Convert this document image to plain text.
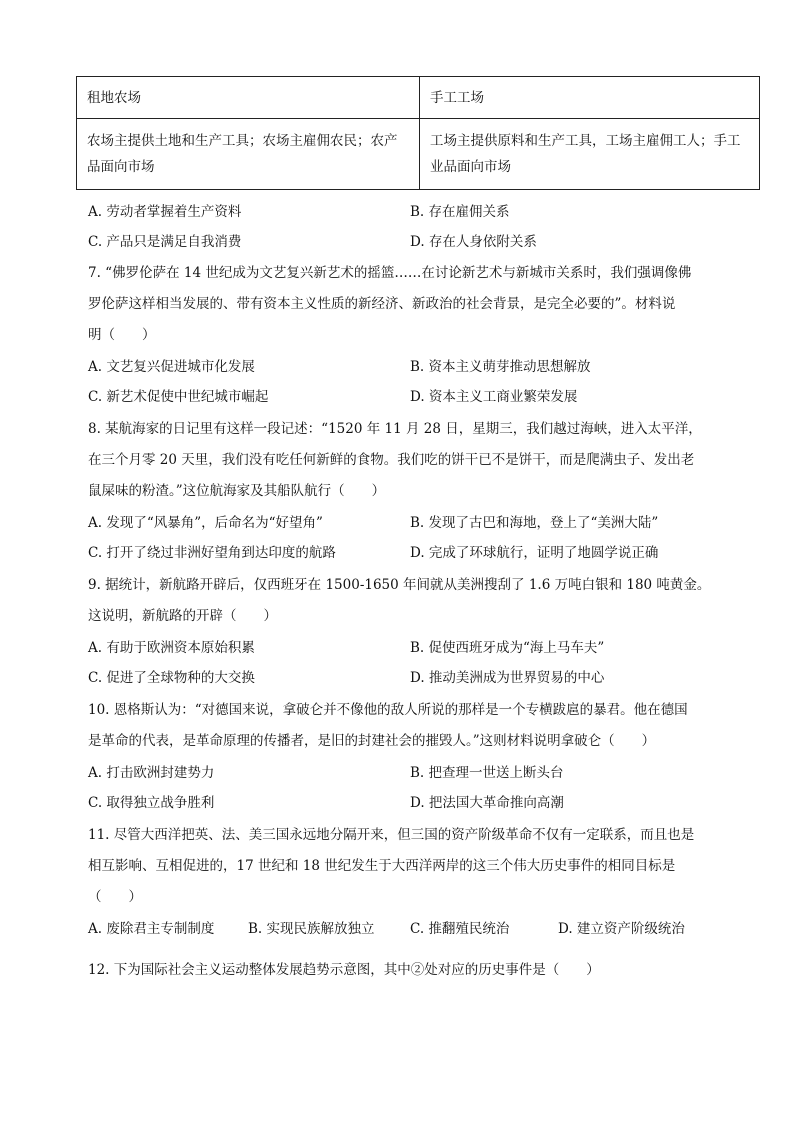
租地农场	手工工场
农场主提供土地和生产工具；农场主雇佣农民；农产品面向市场	工场主提供原料和生产工具，工场主雇佣工人；手工业品面向市场
A. 劳动者掌握着生产资料	B. 存在雇佣关系
C. 产品只是满足自我消费	D. 存在人身依附关系
7. “佛罗伦萨在 14 世纪成为文艺复兴新艺术的摇篮……在讨论新艺术与新城市关系时，我们强调像佛
罗伦萨这样相当发展的、带有资本主义性质的新经济、新政治的社会背景，是完全必要的”。材料说
明（　　）
A. 文艺复兴促进城市化发展	B. 资本主义萌芽推动思想解放
C. 新艺术促使中世纪城市崛起	D. 资本主义工商业繁荣发展
8. 某航海家的日记里有这样一段记述：“1520 年 11 月 28 日，星期三，我们越过海峡，进入太平洋，
在三个月零 20 天里，我们没有吃任何新鲜的食物。我们吃的饼干已不是饼干，而是爬满虫子、发出老
鼠屎味的粉渣。”这位航海家及其船队航行（　　）
A. 发现了“风暴角”，后命名为“好望角”	B. 发现了古巴和海地，登上了“美洲大陆”
C. 打开了绕过非洲好望角到达印度的航路	D. 完成了环球航行，证明了地圆学说正确
9. 据统计，新航路开辟后，仅西班牙在 1500-1650 年间就从美洲搜刮了 1.6 万吨白银和 180 吨黄金。
这说明，新航路的开辟（　　）
A. 有助于欧洲资本原始积累	B. 促使西班牙成为“海上马车夫”
C. 促进了全球物种的大交换	D. 推动美洲成为世界贸易的中心
10. 恩格斯认为：“对德国来说，拿破仑并不像他的敌人所说的那样是一个专横跋扈的暴君。他在德国
是革命的代表，是革命原理的传播者，是旧的封建社会的摧毁人。”这则材料说明拿破仑（　　）
A. 打击欧洲封建势力	B. 把查理一世送上断头台
C. 取得独立战争胜利	D. 把法国大革命推向高潮
11. 尽管大西洋把英、法、美三国永远地分隔开来，但三国的资产阶级革命不仅有一定联系，而且也是
相互影响、互相促进的，17 世纪和 18 世纪发生于大西洋两岸的这三个伟大历史事件的相同目标是
（　　）
A. 废除君主专制制度 B. 实现民族解放独立	C. 推翻殖民统治	D. 建立资产阶级统治
12. 下为国际社会主义运动整体发展趋势示意图，其中②处对应的历史事件是（　　）
